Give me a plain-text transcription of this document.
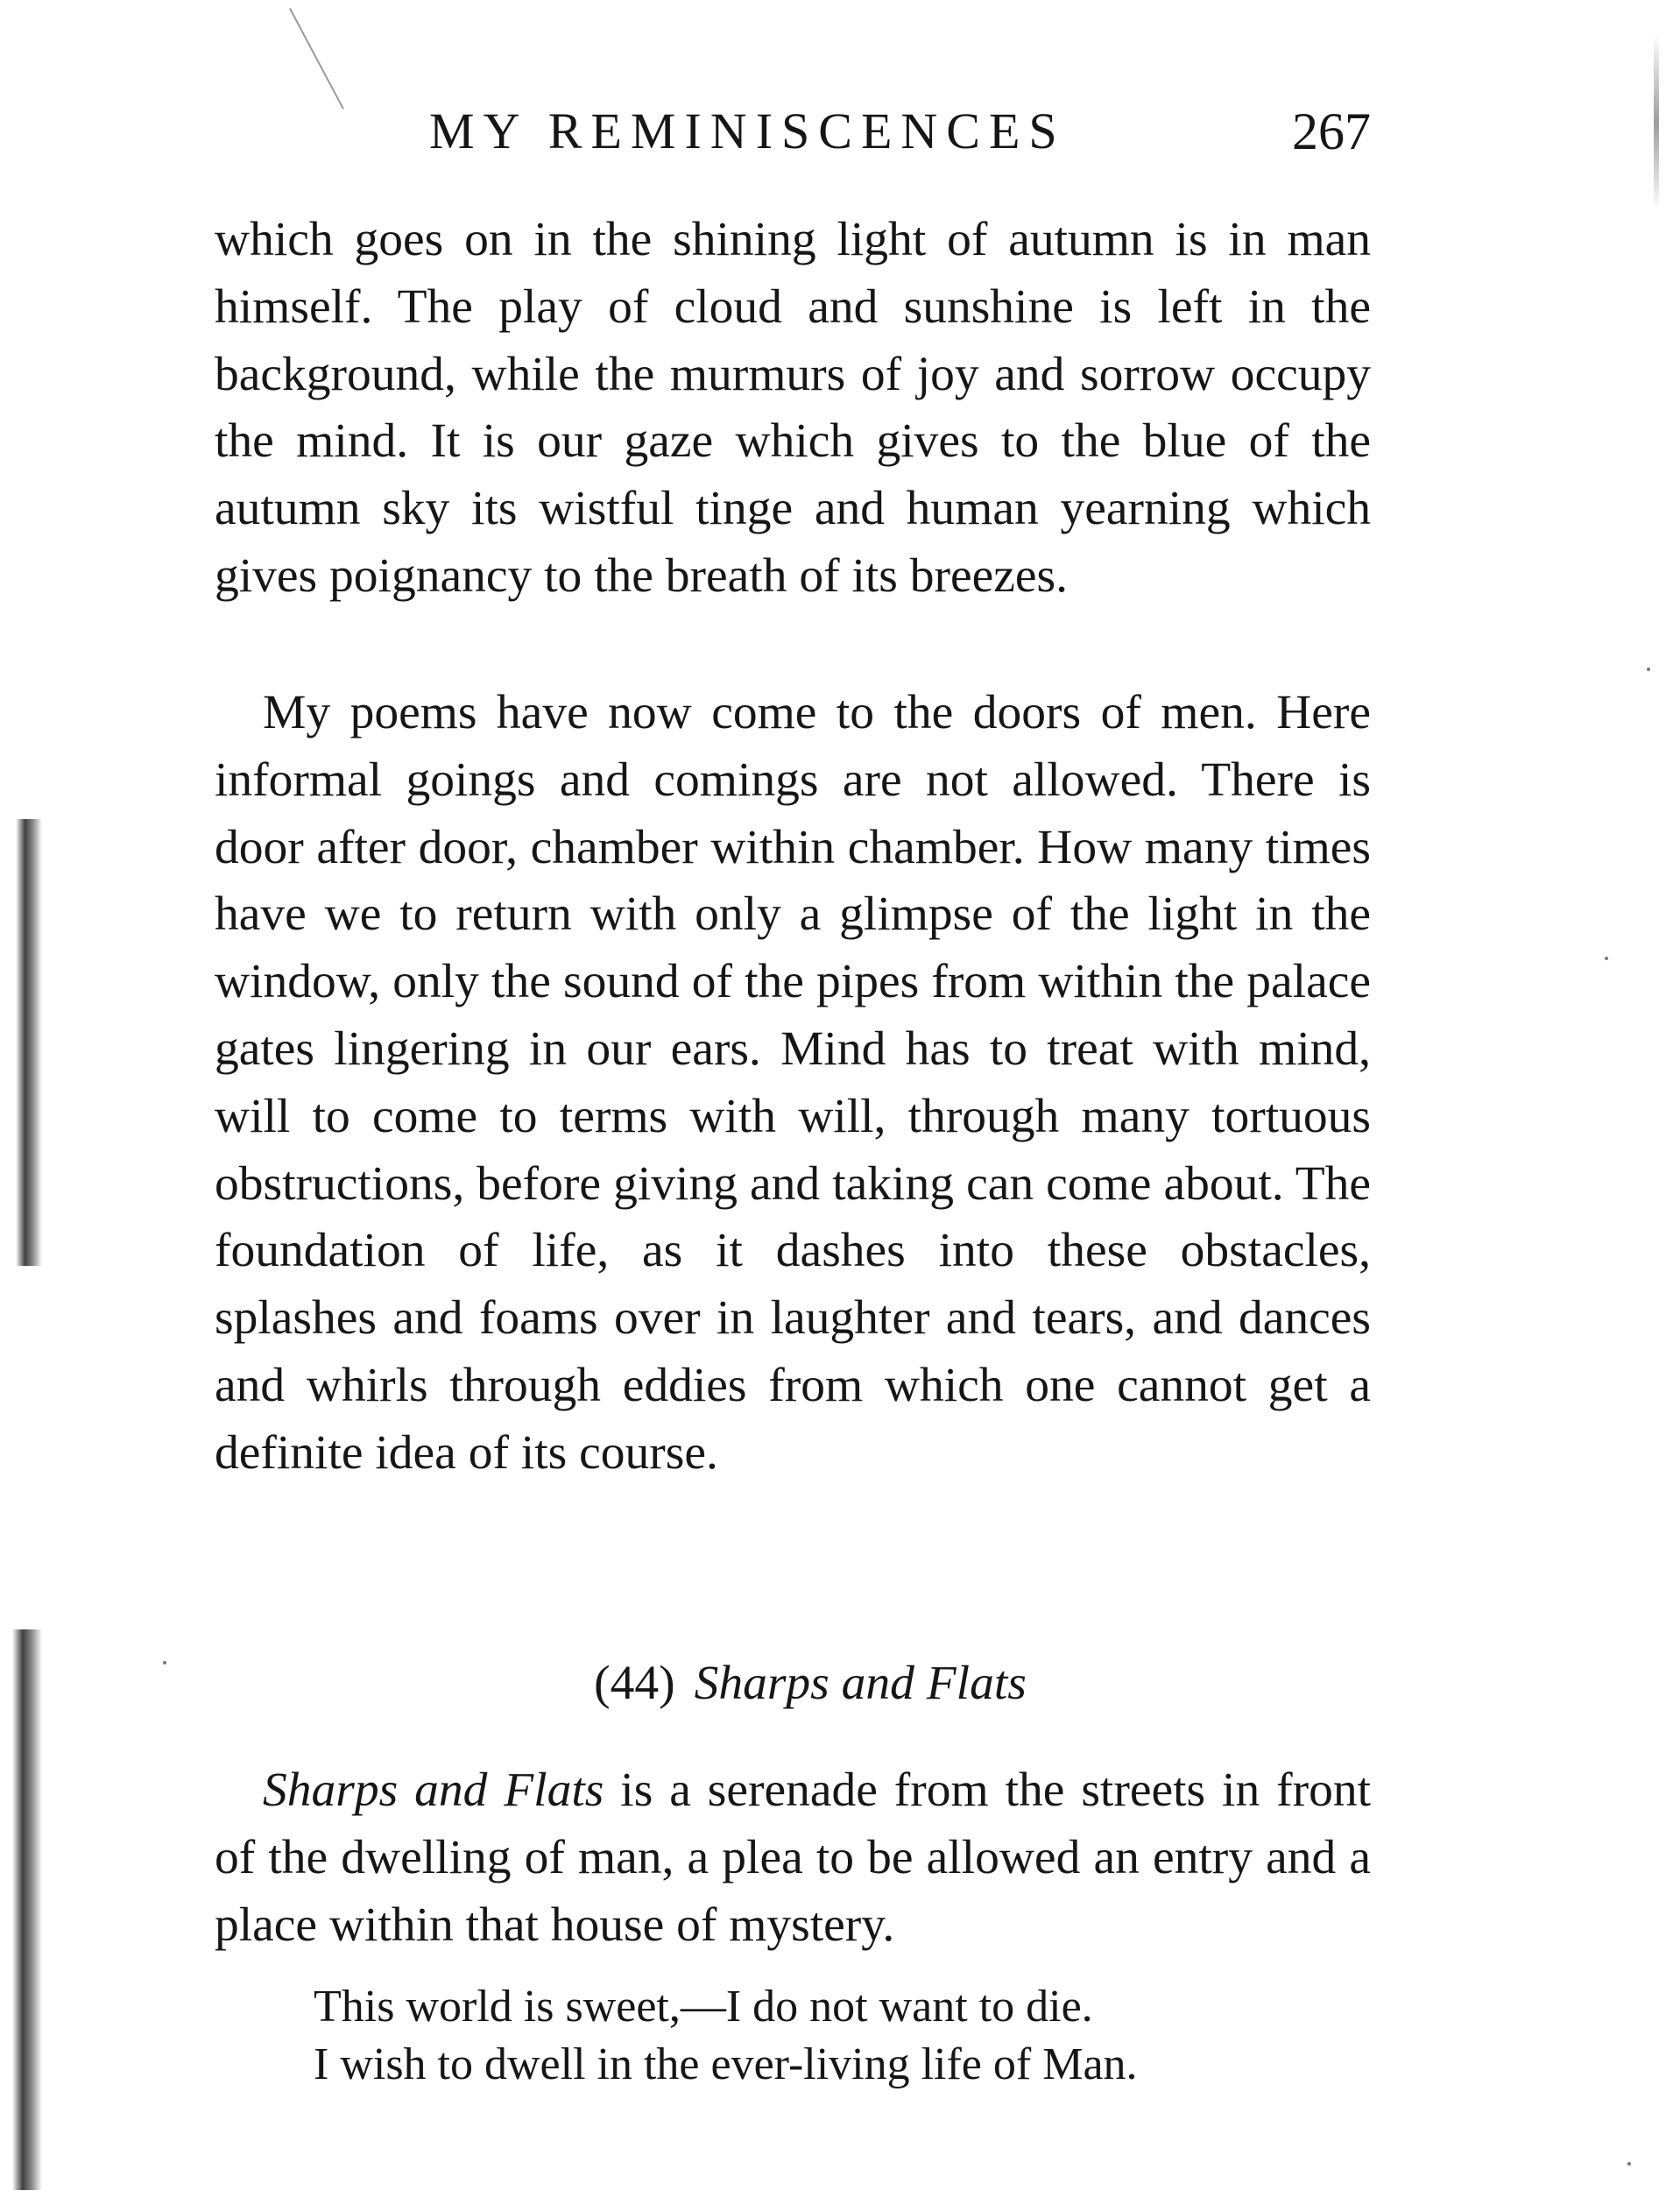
MY REMINISCENCES	267

which goes on in the shining light of autumn is in man himself. The play of cloud and sunshine is left in the background, while the murmurs of joy and sorrow occupy the mind. It is our gaze which gives to the blue of the autumn sky its wistful tinge and human yearning which gives poignancy to the breath of its breezes.

My poems have now come to the doors of men. Here informal goings and comings are not allowed. There is door after door, chamber within chamber. How many times have we to return with only a glimpse of the light in the window, only the sound of the pipes from within the palace gates lingering in our ears. Mind has to treat with mind, will to come to terms with will, through many tortuous obstructions, before giving and taking can come about. The foundation of life, as it dashes into these obstacles, splashes and foams over in laughter and tears, and dances and whirls through eddies from which one cannot get a definite idea of its course.

(44) Sharps and Flats

Sharps and Flats is a serenade from the streets in front of the dwelling of man, a plea to be allowed an entry and a place within that house of mystery.

This world is sweet,—I do not want to die.
I wish to dwell in the ever-living life of Man.
